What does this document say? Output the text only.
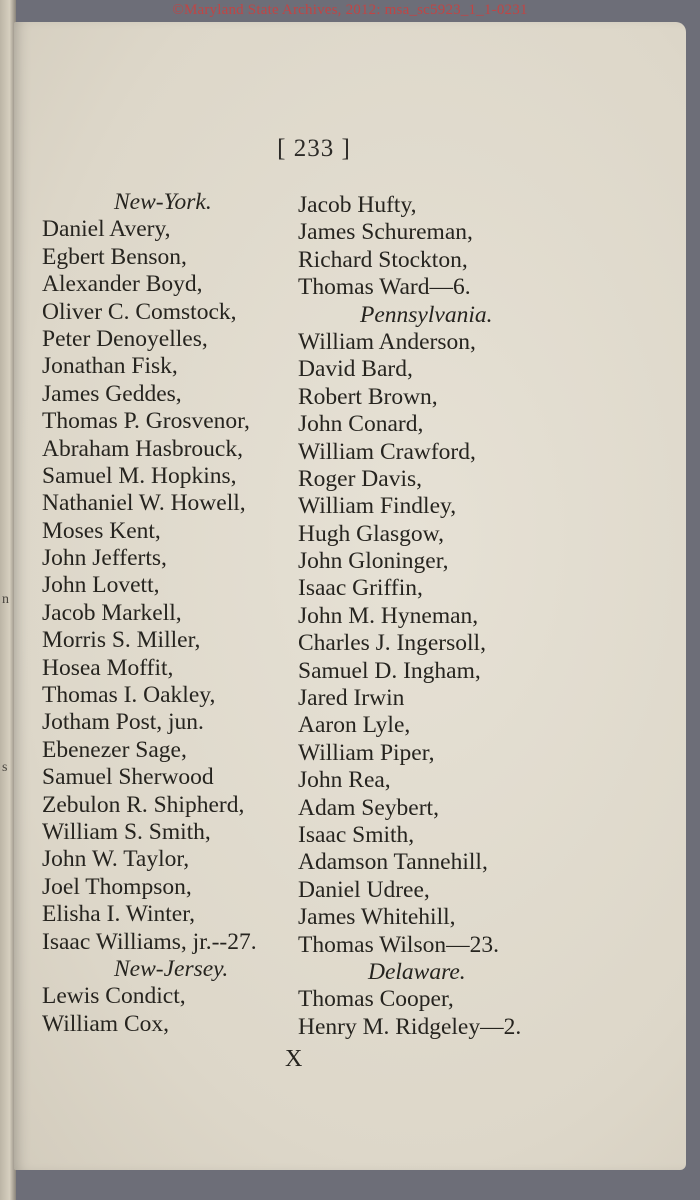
©Maryland State Archives, 2012: msa_sc5923_1_1-0231
[ 233 ]
New-York.
Daniel Avery,
Egbert Benson,
Alexander Boyd,
Oliver C. Comstock,
Peter Denoyelles,
Jonathan Fisk,
James Geddes,
Thomas P. Grosvenor,
Abraham Hasbrouck,
Samuel M. Hopkins,
Nathaniel W. Howell,
Moses Kent,
John Jefferts,
John Lovett,
Jacob Markell,
Morris S. Miller,
Hosea Moffit,
Thomas I. Oakley,
Jotham Post, jun.
Ebenezer Sage,
Samuel Sherwood
Zebulon R. Shipherd,
William S. Smith,
John W. Taylor,
Joel Thompson,
Elisha I. Winter,
Isaac Williams, jr.--27.
New-Jersey.
Lewis Condict,
William Cox,
Jacob Hufty,
James Schureman,
Richard Stockton,
Thomas Ward—6.
Pennsylvania.
William Anderson,
David Bard,
Robert Brown,
John Conard,
William Crawford,
Roger Davis,
William Findley,
Hugh Glasgow,
John Gloninger,
Isaac Griffin,
John M. Hyneman,
Charles J. Ingersoll,
Samuel D. Ingham,
Jared Irwin
Aaron Lyle,
William Piper,
John Rea,
Adam Seybert,
Isaac Smith,
Adamson Tannehill,
Daniel Udree,
James Whitehill,
Thomas Wilson—23.
Delaware.
Thomas Cooper,
Henry M. Ridgeley—2.
X
n
s
